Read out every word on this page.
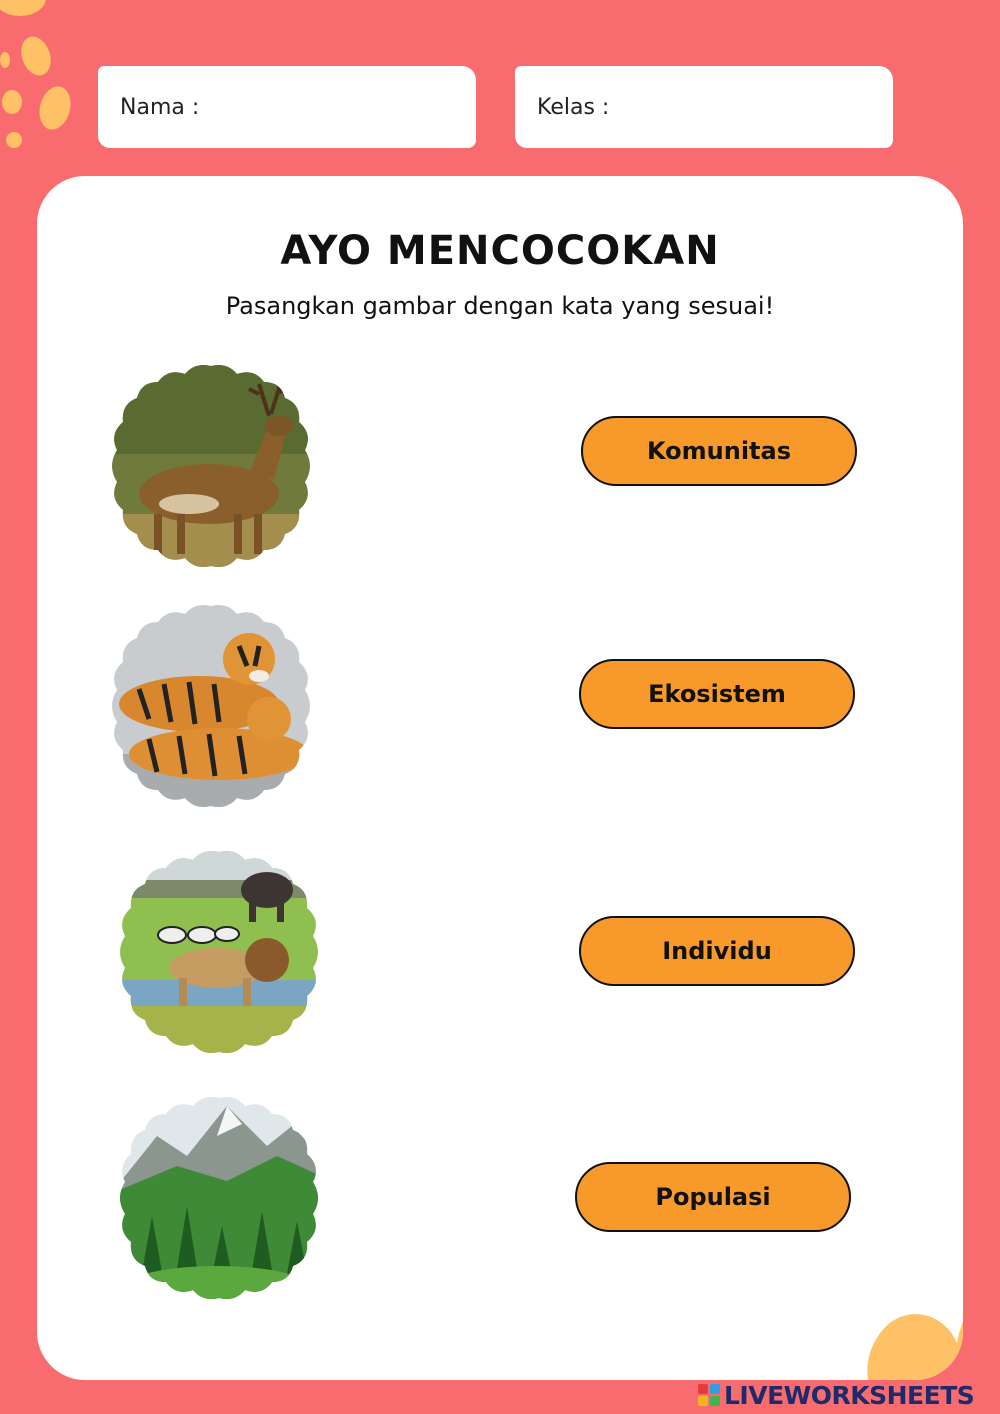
Nama :	Kelas :
AYO MENCOCOKAN
Pasangkan gambar dengan kata yang sesuai!
Komunitas
Ekosistem
Individu
Populasi
LIVEWORKSHEETS
